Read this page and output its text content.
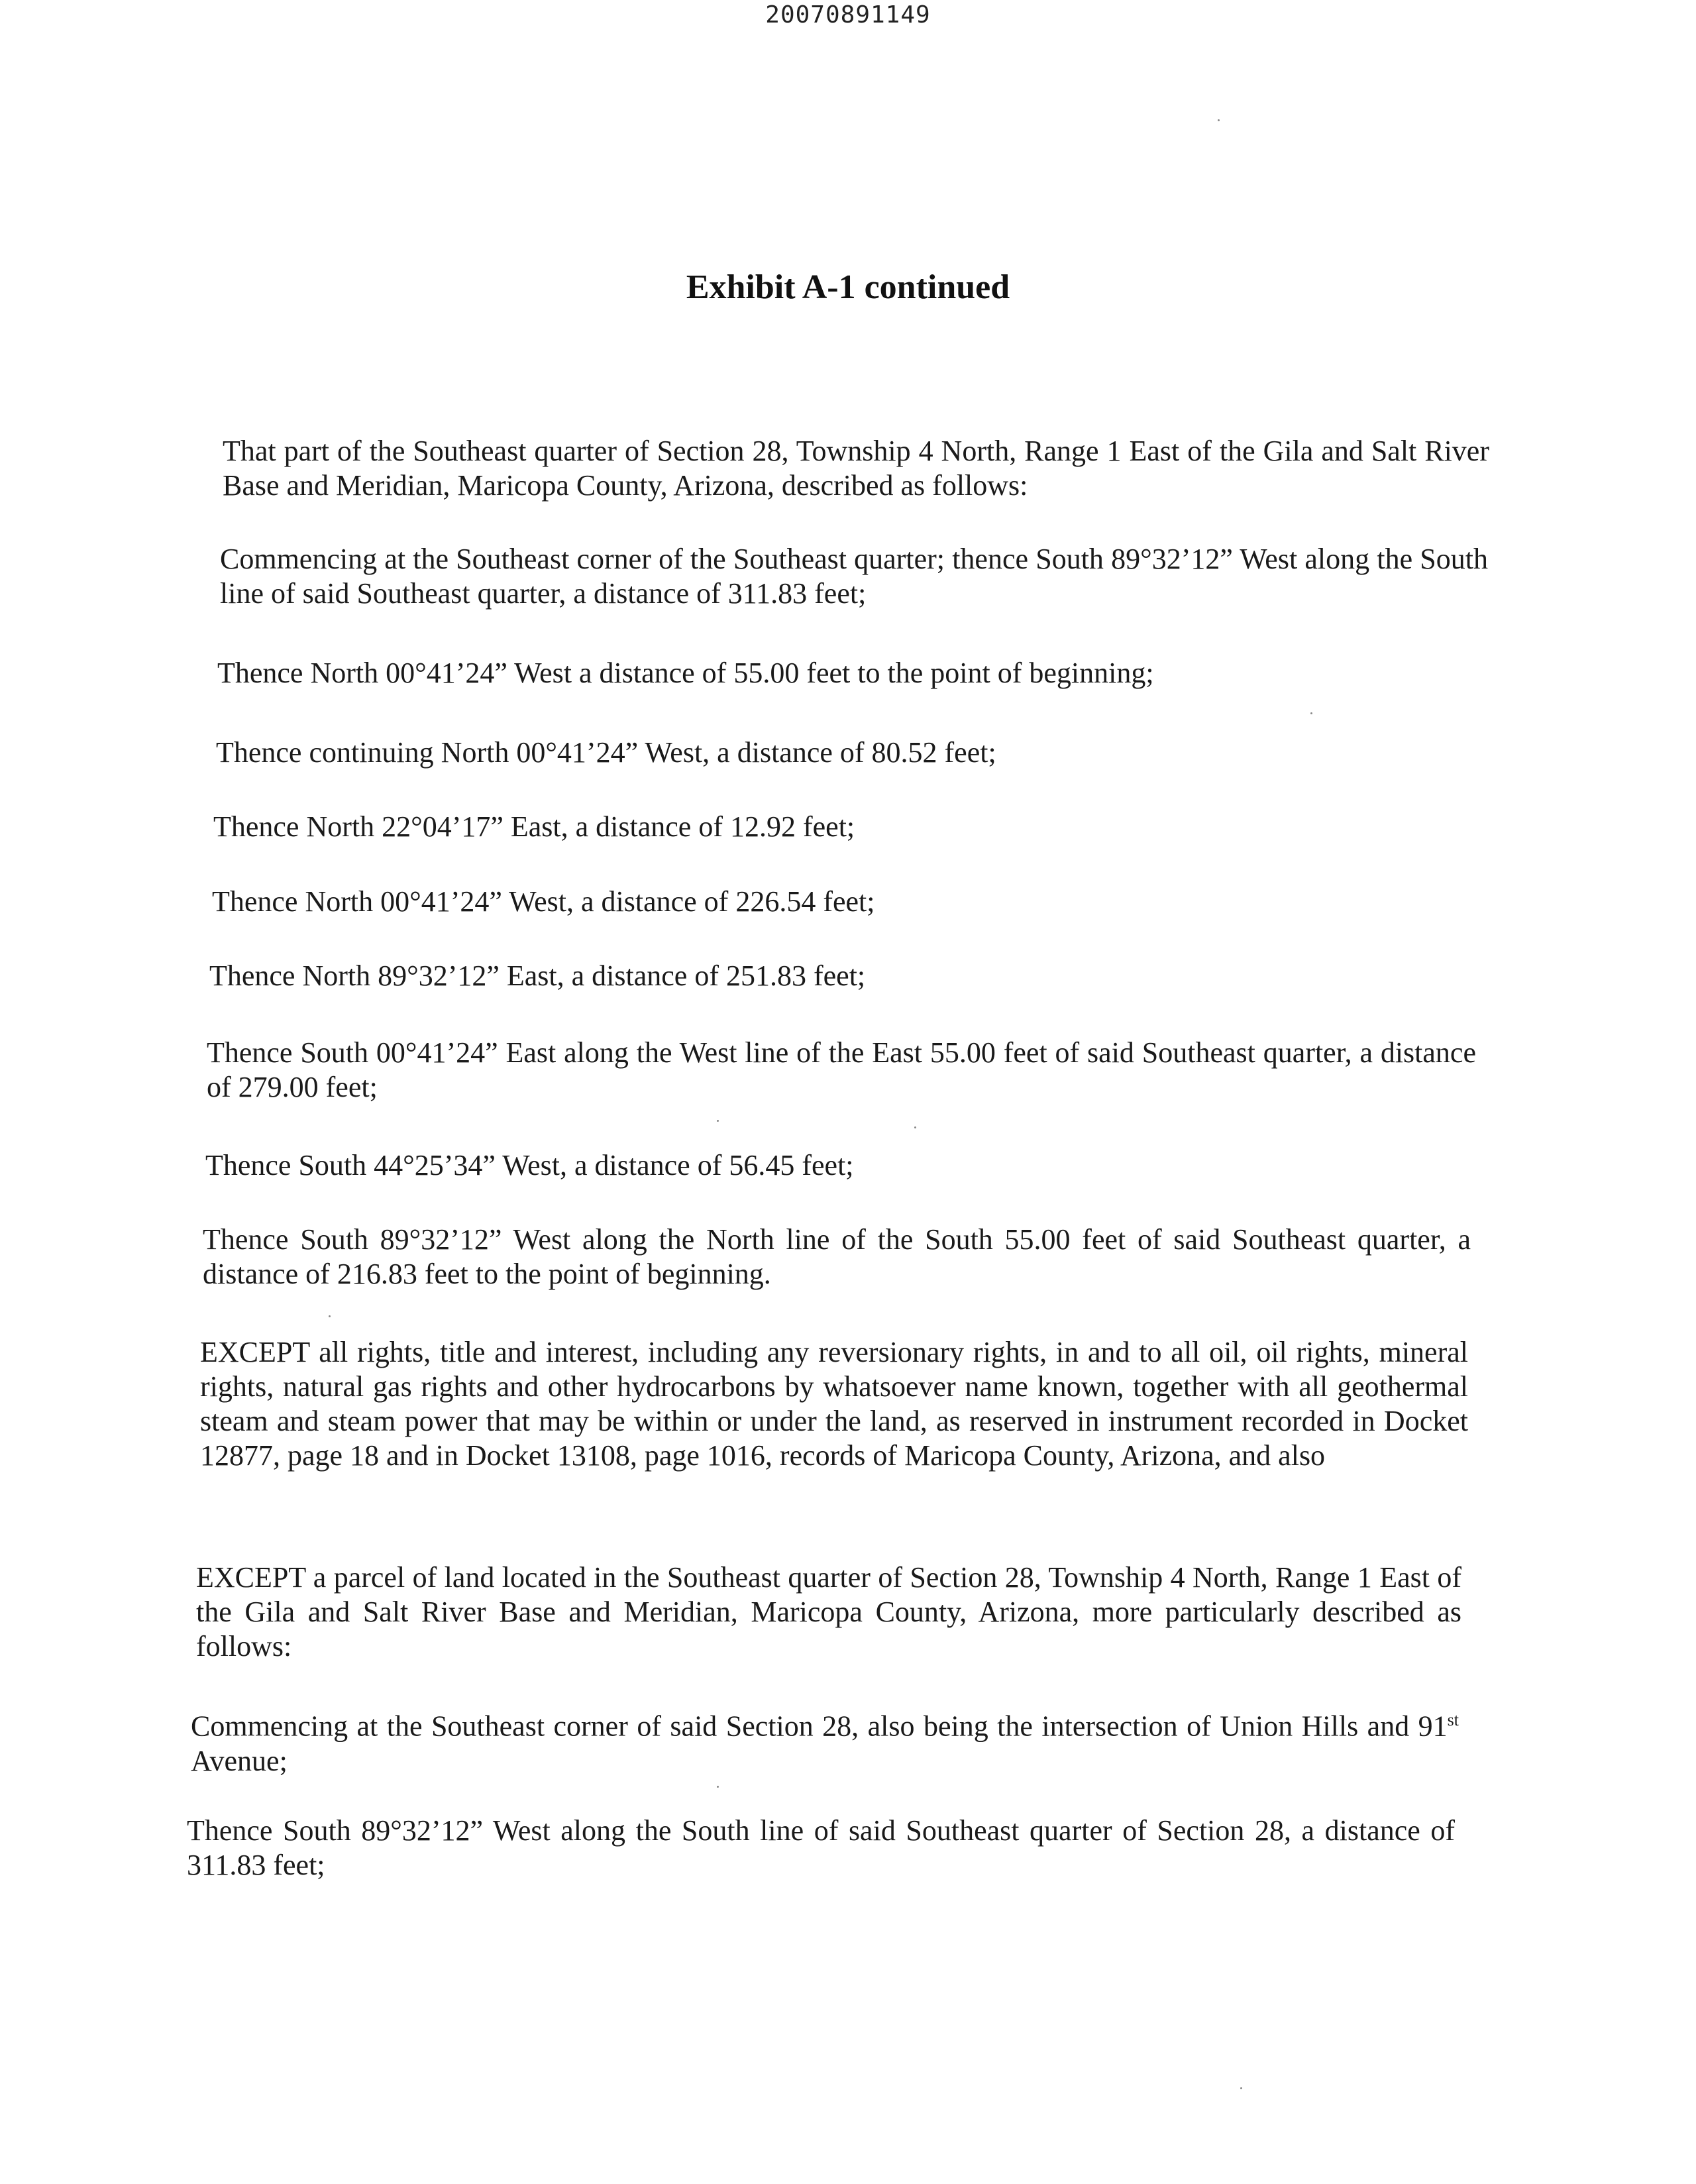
20070891149
Exhibit A-1 continued

That part of the Southeast quarter of Section 28, Township 4 North, Range 1 East of the Gila and Salt River Base and Meridian, Maricopa County, Arizona, described as follows:

Commencing at the Southeast corner of the Southeast quarter; thence South 89°32’12” West along the South line of said Southeast quarter, a distance of 311.83 feet;

Thence North 00°41’24” West a distance of 55.00 feet to the point of beginning;

Thence continuing North 00°41’24” West, a distance of 80.52 feet;

Thence North 22°04’17” East, a distance of 12.92 feet;

Thence North 00°41’24” West, a distance of 226.54 feet;

Thence North 89°32’12” East, a distance of 251.83 feet;

Thence South 00°41’24” East along the West line of the East 55.00 feet of said Southeast quarter, a distance of 279.00 feet;

Thence South 44°25’34” West, a distance of 56.45 feet;

Thence South 89°32’12” West along the North line of the South 55.00 feet of said Southeast quarter, a distance of 216.83 feet to the point of beginning.

EXCEPT all rights, title and interest, including any reversionary rights, in and to all oil, oil rights, mineral rights, natural gas rights and other hydrocarbons by whatsoever name known, together with all geothermal steam and steam power that may be within or under the land, as reserved in instrument recorded in Docket 12877, page 18 and in Docket 13108, page 1016, records of Maricopa County, Arizona, and also

EXCEPT a parcel of land located in the Southeast quarter of Section 28, Township 4 North, Range 1 East of the Gila and Salt River Base and Meridian, Maricopa County, Arizona, more particularly described as follows:

Commencing at the Southeast corner of said Section 28, also being the intersection of Union Hills and 91st Avenue;

Thence South 89°32’12” West along the South line of said Southeast quarter of Section 28, a distance of 311.83 feet;
